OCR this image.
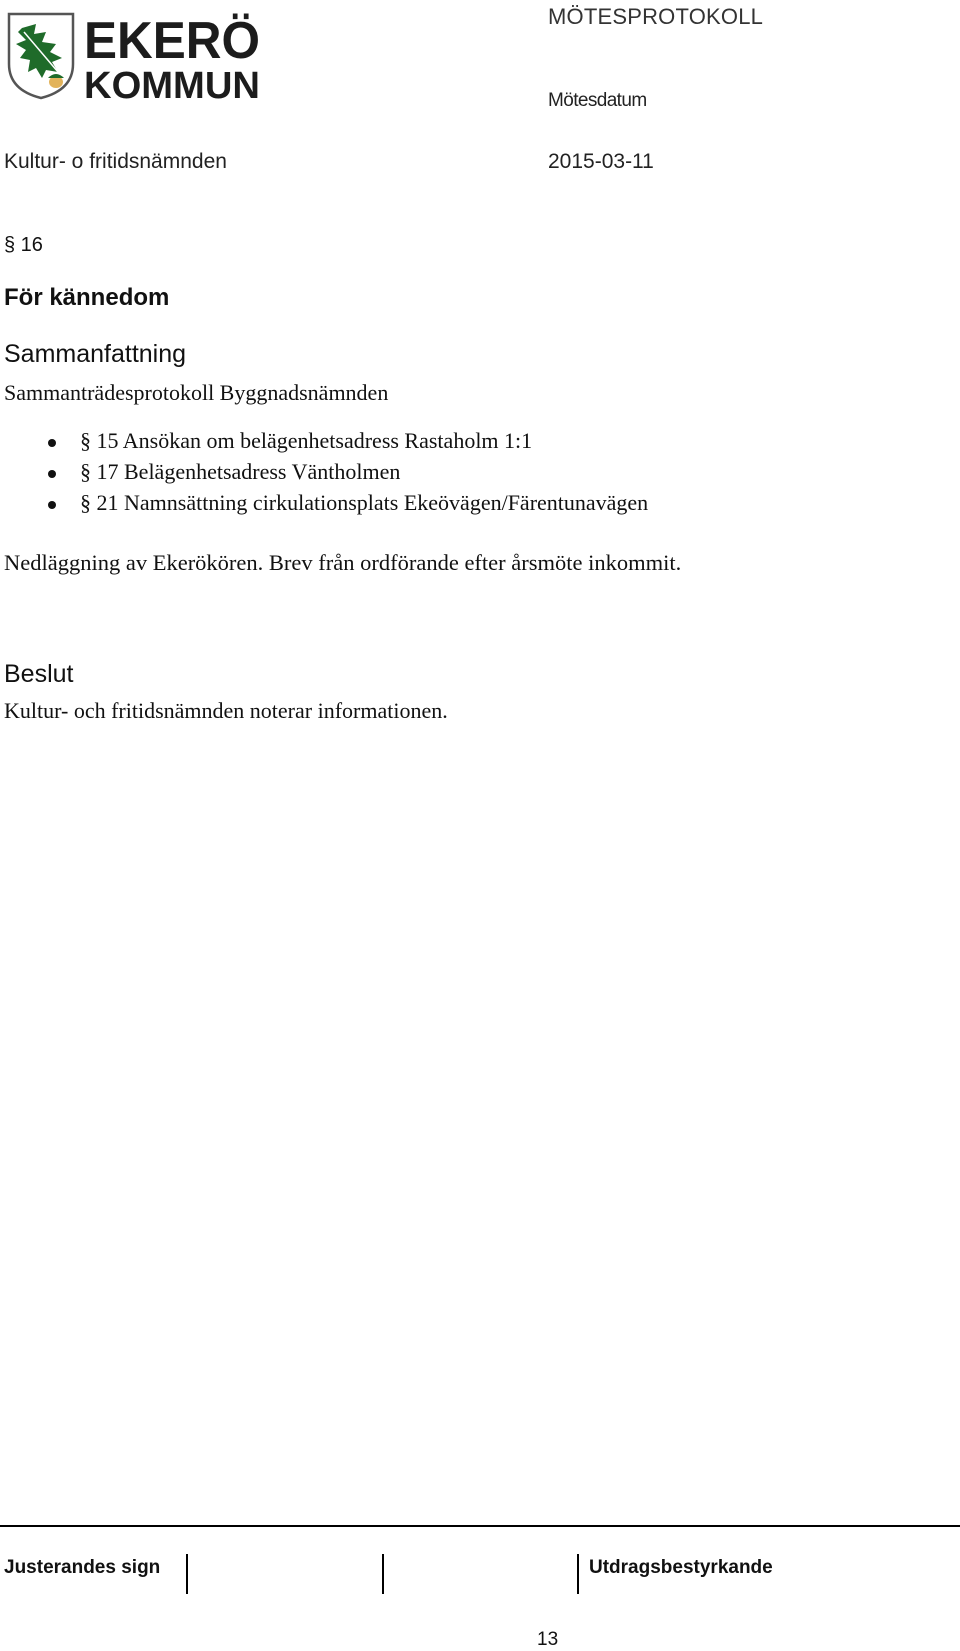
EKERÖ
KOMMUN
MÖTESPROTOKOLL
Mötesdatum
Kultur- o fritidsnämnden	2015-03-11
§ 16
För kännedom
Sammanfattning
Sammanträdesprotokoll Byggnadsnämnden
§ 15 Ansökan om belägenhetsadress Rastaholm 1:1
§ 17 Belägenhetsadress Väntholmen
§ 21 Namnsättning cirkulationsplats Ekeövägen/Färentunavägen
Nedläggning av Ekerökören. Brev från ordförande efter årsmöte inkommit.
Beslut
Kultur- och fritidsnämnden noterar informationen.
Justerandes sign	Utdragsbestyrkande
13
